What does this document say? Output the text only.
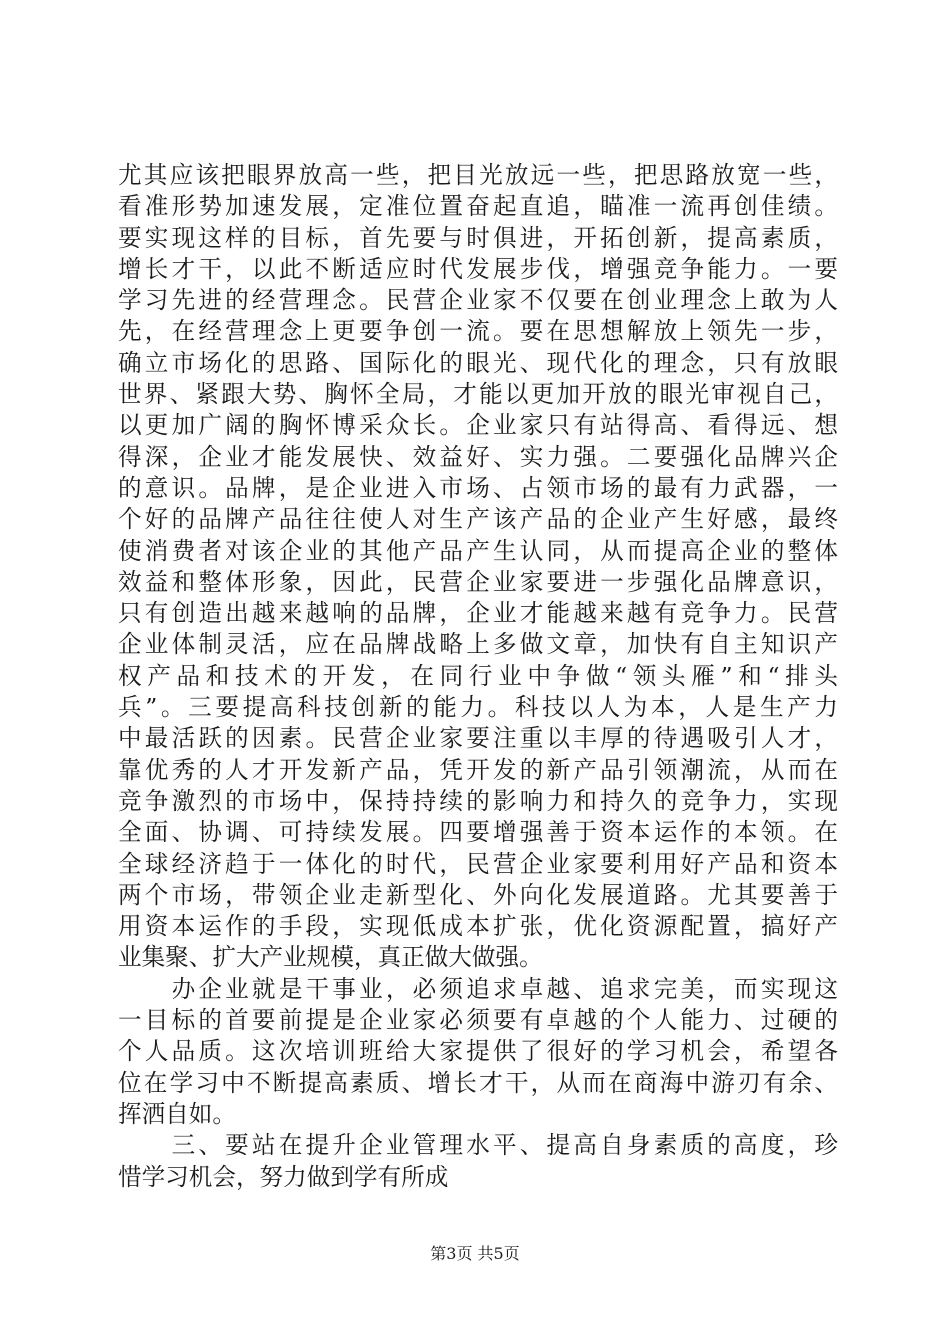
尤其应该把眼界放高一些，把目光放远一些，把思路放宽一些，
看准形势加速发展，定准位置奋起直追，瞄准一流再创佳绩。
要实现这样的目标，首先要与时俱进，开拓创新，提高素质，
增长才干，以此不断适应时代发展步伐，增强竞争能力。一要
学习先进的经营理念。民营企业家不仅要在创业理念上敢为人
先，在经营理念上更要争创一流。要在思想解放上领先一步，
确立市场化的思路、国际化的眼光、现代化的理念，只有放眼
世界、紧跟大势、胸怀全局，才能以更加开放的眼光审视自己，
以更加广阔的胸怀博采众长。企业家只有站得高、看得远、想
得深，企业才能发展快、效益好、实力强。二要强化品牌兴企
的意识。品牌，是企业进入市场、占领市场的最有力武器，一
个好的品牌产品往往使人对生产该产品的企业产生好感，最终
使消费者对该企业的其他产品产生认同，从而提高企业的整体
效益和整体形象，因此，民营企业家要进一步强化品牌意识，
只有创造出越来越响的品牌，企业才能越来越有竞争力。民营
企业体制灵活，应在品牌战略上多做文章，加快有自主知识产
权产品和技术的开发，在同行业中争做“领头雁”和“排头
兵”。三要提高科技创新的能力。科技以人为本，人是生产力
中最活跃的因素。民营企业家要注重以丰厚的待遇吸引人才，
靠优秀的人才开发新产品，凭开发的新产品引领潮流，从而在
竞争激烈的市场中，保持持续的影响力和持久的竞争力，实现
全面、协调、可持续发展。四要增强善于资本运作的本领。在
全球经济趋于一体化的时代，民营企业家要利用好产品和资本
两个市场，带领企业走新型化、外向化发展道路。尤其要善于
用资本运作的手段，实现低成本扩张，优化资源配置，搞好产
业集聚、扩大产业规模，真正做大做强。
　　办企业就是干事业，必须追求卓越、追求完美，而实现这
一目标的首要前提是企业家必须要有卓越的个人能力、过硬的
个人品质。这次培训班给大家提供了很好的学习机会，希望各
位在学习中不断提高素质、增长才干，从而在商海中游刃有余、
挥洒自如。
　　三、要站在提升企业管理水平、提高自身素质的高度，珍
惜学习机会，努力做到学有所成
第3页 共5页
